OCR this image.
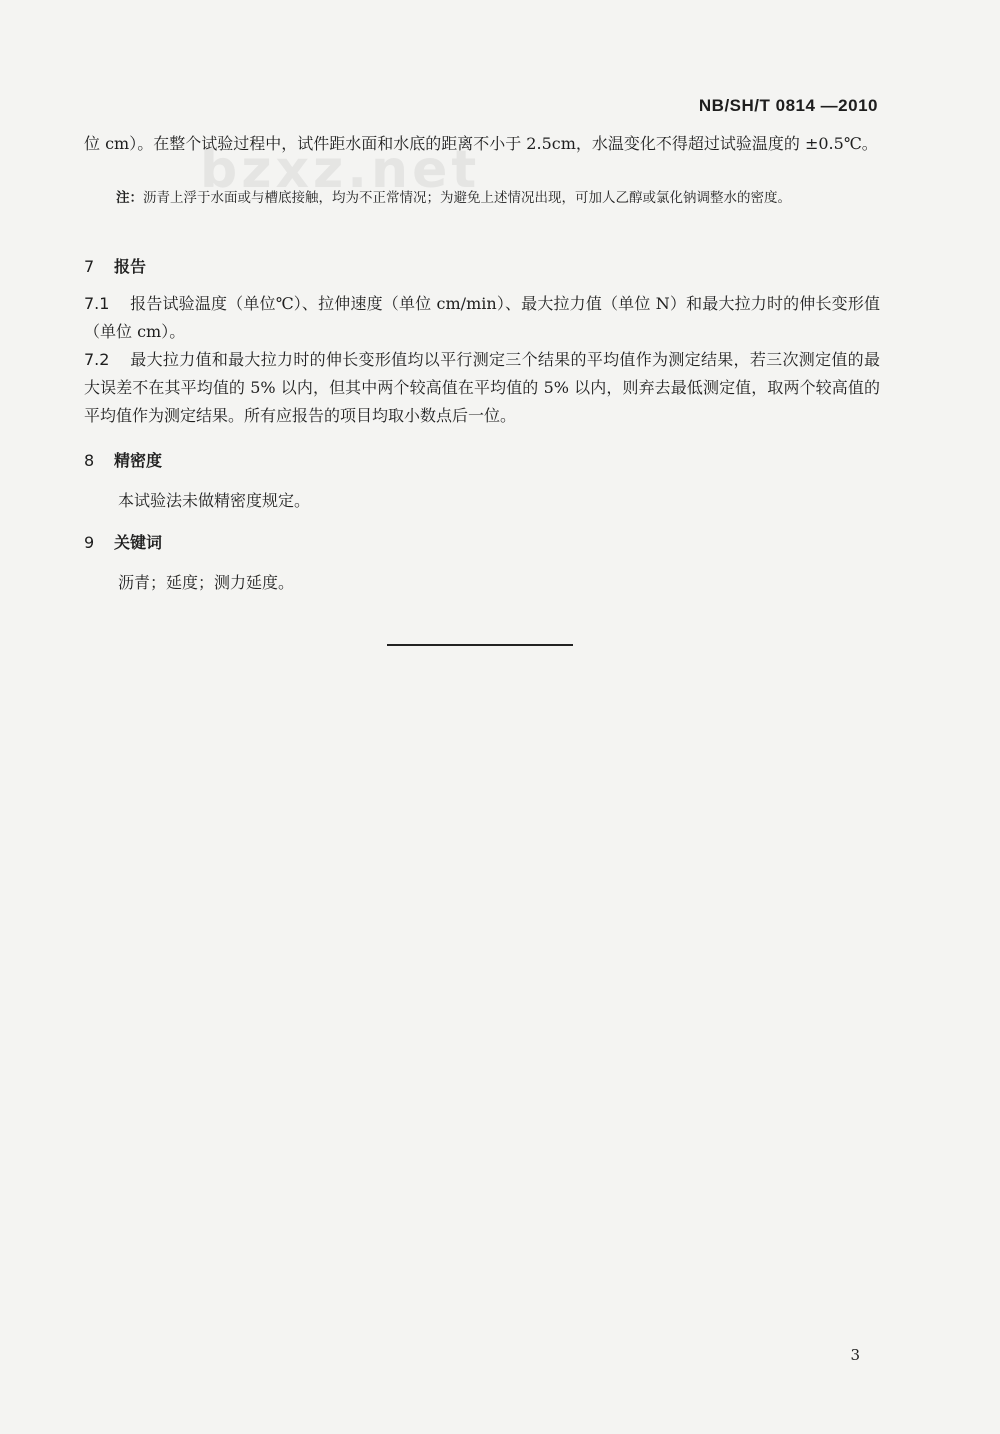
bzxz.net
NB/SH/T 0814 —2010
位 cm）。在整个试验过程中，试件距水面和水底的距离不小于 2.5cm，水温变化不得超过试验温度的 ±0.5℃。
注：沥青上浮于水面或与槽底接触，均为不正常情况；为避免上述情况出现，可加人乙醇或氯化钠调整水的密度。
7 报告
7.1 报告试验温度（单位℃）、拉伸速度（单位 cm/min）、最大拉力值（单位 N）和最大拉力时的伸长变形值（单位 cm）。
7.2 最大拉力值和最大拉力时的伸长变形值均以平行测定三个结果的平均值作为测定结果，若三次测定值的最大误差不在其平均值的 5% 以内，但其中两个较高值在平均值的 5% 以内，则弃去最低测定值，取两个较高值的平均值作为测定结果。所有应报告的项目均取小数点后一位。
8 精密度
本试验法未做精密度规定。
9 关键词
沥青；延度；测力延度。
3
